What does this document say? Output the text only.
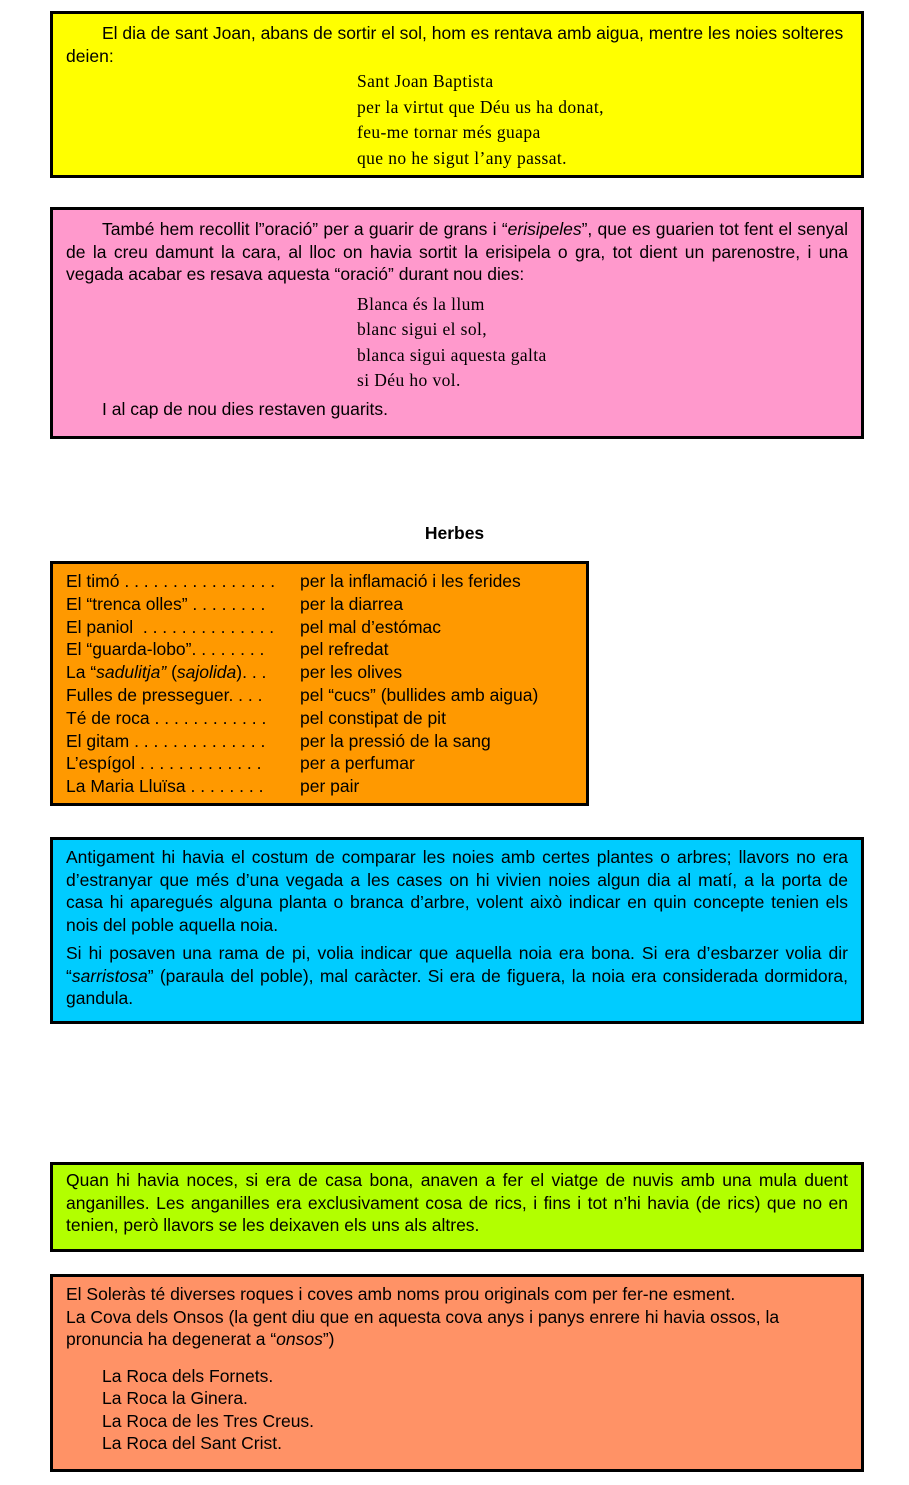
El dia de sant Joan, abans de sortir el sol, hom es rentava amb aigua, mentre les noies solteres deien:

Sant Joan Baptista
per la virtut que Déu us ha donat,
feu-me tornar més guapa
que no he sigut l’any passat.

També hem recollit l”oració” per a guarir de grans i “erisipeles”, que es guarien tot fent el senyal de la creu damunt la cara, al lloc on havia sortit la erisipela o gra, tot dient un parenostre, i una vegada acabar es resava aquesta “oració” durant nou dies:

Blanca és la llum
blanc sigui el sol,
blanca sigui aquesta galta
si Déu ho vol.

I al cap de nou dies restaven guarits.

Herbes
El timó . . . . . . . . . . . . . . . .	per la inflamació i les ferides
El “trenca olles” . . . . . . . .	per la diarrea
El paniol  . . . . . . . . . . . . . .	pel mal d’estómac
El “guarda-lobo”. . . . . . . .	pel refredat
La “sadulitja” (sajolida). . .	per les olives
Fulles de presseguer. . . .	pel “cucs” (bullides amb aigua)
Té de roca . . . . . . . . . . . .	pel constipat de pit
El gitam . . . . . . . . . . . . . .	per la pressió de la sang
L’espígol . . . . . . . . . . . . .	per a perfumar
La Maria Lluïsa . . . . . . . .	per pair

Antigament hi havia el costum de comparar les noies amb certes plantes o arbres; llavors no era d’estranyar que més d’una vegada a les cases on hi vivien noies algun dia al matí, a la porta de casa hi aparegués alguna planta o branca d’arbre, volent això indicar en quin concepte tenien els nois del poble aquella noia.

Si hi posaven una rama de pi, volia indicar que aquella noia era bona. Si era d’esbarzer volia dir “sarristosa” (paraula del poble), mal caràcter. Si era de figuera, la noia era considerada dormidora, gandula.

Quan hi havia noces, si era de casa bona, anaven a fer el viatge de nuvis amb una mula duent anganilles. Les anganilles era exclusivament cosa de rics, i fins i tot n’hi havia (de rics) que no en tenien, però llavors se les deixaven els uns als altres.

El Soleràs té diverses roques i coves amb noms prou originals com per fer-ne esment.

La Cova dels Onsos (la gent diu que en aquesta cova anys i panys enrere hi havia ossos, la pronuncia ha degenerat a “onsos”)

La Roca dels Fornets.
La Roca la Ginera.
La Roca de les Tres Creus.
La Roca del Sant Crist.
